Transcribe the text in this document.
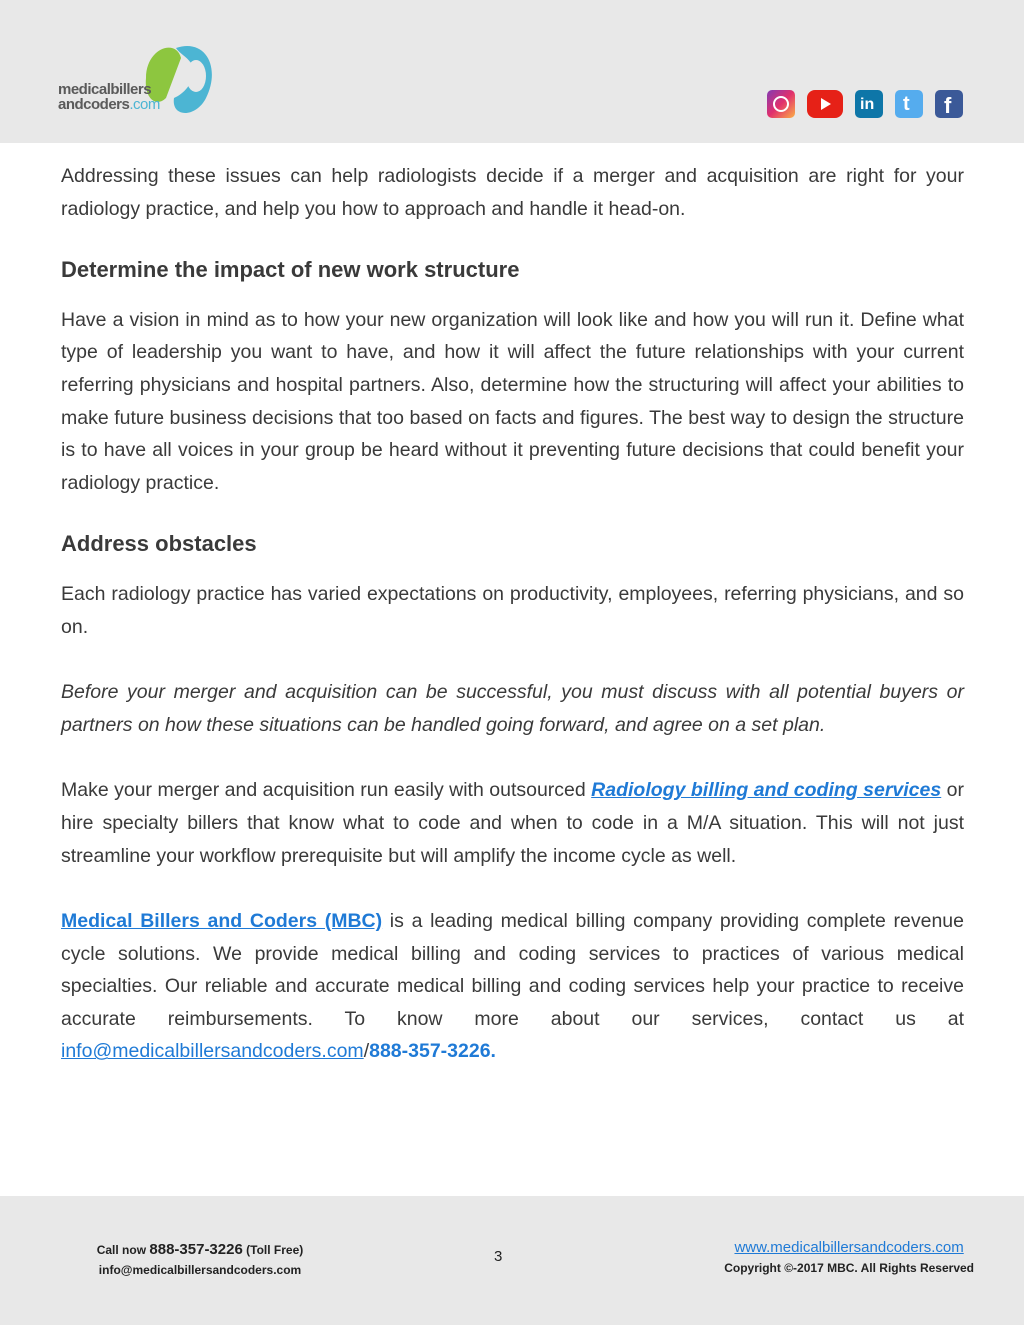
medicalbillers
andcoders.com	in t f

Addressing these issues can help radiologists decide if a merger and acquisition are right for your radiology practice, and help you how to approach and handle it head-on.

Determine the impact of new work structure

Have a vision in mind as to how your new organization will look like and how you will run it. Define what type of leadership you want to have, and how it will affect the future relationships with your current referring physicians and hospital partners. Also, determine how the structuring will affect your abilities to make future business decisions that too based on facts and figures. The best way to design the structure is to have all voices in your group be heard without it preventing future decisions that could benefit your radiology practice.

Address obstacles

Each radiology practice has varied expectations on productivity, employees, referring physicians, and so on.

Before your merger and acquisition can be successful, you must discuss with all potential buyers or partners on how these situations can be handled going forward, and agree on a set plan.

Make your merger and acquisition run easily with outsourced Radiology billing and coding services or hire specialty billers that know what to code and when to code in a M/A situation. This will not just streamline your workflow prerequisite but will amplify the income cycle as well.

Medical Billers and Coders (MBC) is a leading medical billing company providing complete revenue cycle solutions. We provide medical billing and coding services to practices of various medical specialties. Our reliable and accurate medical billing and coding services help your practice to receive accurate reimbursements. To know more about our services, contact us at info@medicalbillersandcoders.com/888-357-3226.

Call now 888-357-3226 (Toll Free)
info@medicalbillersandcoders.com
3
www.medicalbillersandcoders.com
Copyright ©-2017 MBC. All Rights Reserved
